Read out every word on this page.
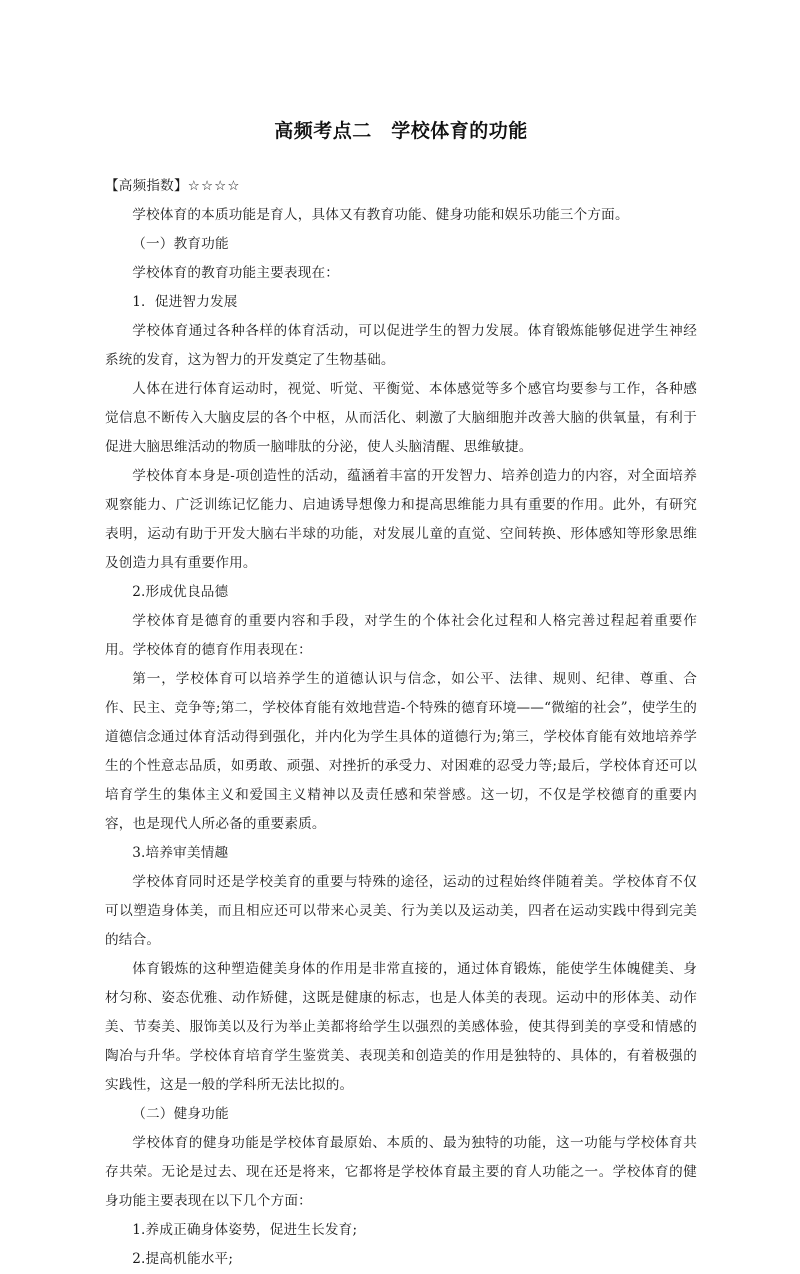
高频考点二　学校体育的功能

【高频指数】☆☆☆☆

学校体育的本质功能是育人，具体又有教育功能、健身功能和娱乐功能三个方面。

（一）教育功能

学校体育的教育功能主要表现在：

1．促进智力发展

学校体育通过各种各样的体育活动，可以促进学生的智力发展。体育锻炼能够促进学生神经系统的发育，这为智力的开发奠定了生物基础。

人体在进行体育运动时，视觉、听觉、平衡觉、本体感觉等多个感官均要参与工作，各种感觉信息不断传入大脑皮层的各个中枢，从而活化、刺激了大脑细胞并改善大脑的供氧量，有利于促进大脑思维活动的物质一脑啡肽的分泌，使人头脑清醒、思维敏捷。

学校体育本身是-项创造性的活动，蕴涵着丰富的开发智力、培养创造力的内容，对全面培养观察能力、广泛训练记忆能力、启迪诱导想像力和提高思维能力具有重要的作用。此外，有研究表明，运动有助于开发大脑右半球的功能，对发展儿童的直觉、空间转换、形体感知等形象思维及创造力具有重要作用。

2.形成优良品德

学校体育是德育的重要内容和手段，对学生的个体社会化过程和人格完善过程起着重要作用。学校体育的德育作用表现在：

第一，学校体育可以培养学生的道德认识与信念，如公平、法律、规则、纪律、尊重、合作、民主、竞争等;第二，学校体育能有效地营造-个特殊的德育环境——“微缩的社会”，使学生的道德信念通过体育活动得到强化，并内化为学生具体的道德行为;第三，学校体育能有效地培养学生的个性意志品质，如勇敢、顽强、对挫折的承受力、对困难的忍受力等;最后，学校体育还可以培育学生的集体主义和爱国主义精神以及责任感和荣誉感。这一切，不仅是学校德育的重要内容，也是现代人所必备的重要素质。

3.培养审美情趣

学校体育同时还是学校美育的重要与特殊的途径，运动的过程始终伴随着美。学校体育不仅可以塑造身体美，而且相应还可以带来心灵美、行为美以及运动美，四者在运动实践中得到完美的结合。

体育锻炼的这种塑造健美身体的作用是非常直接的，通过体育锻炼，能使学生体魄健美、身材匀称、姿态优雅、动作矫健，这既是健康的标志，也是人体美的表现。运动中的形体美、动作美、节奏美、服饰美以及行为举止美都将给学生以强烈的美感体验，使其得到美的享受和情感的陶冶与升华。学校体育培育学生鉴赏美、表现美和创造美的作用是独特的、具体的，有着极强的实践性，这是一般的学科所无法比拟的。

（二）健身功能

学校体育的健身功能是学校体育最原始、本质的、最为独特的功能，这一功能与学校体育共存共荣。无论是过去、现在还是将来，它都将是学校体育最主要的育人功能之一。学校体育的健身功能主要表现在以下几个方面：

1.养成正确身体姿势，促进生长发育;

2.提高机能水平;
